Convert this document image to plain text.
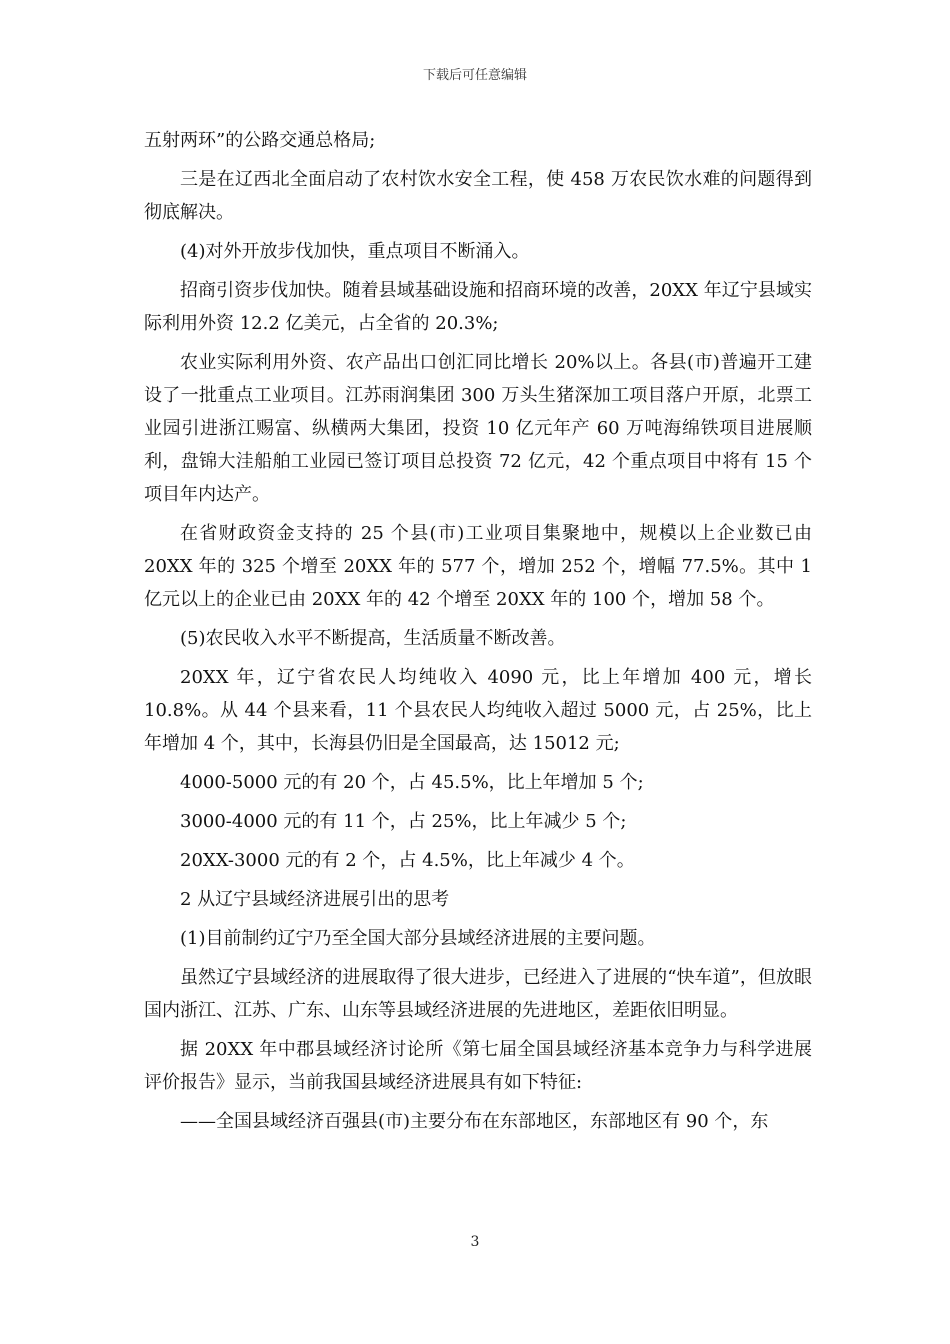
下载后可任意编辑

五射两环”的公路交通总格局;

三是在辽西北全面启动了农村饮水安全工程，使 458 万农民饮水难的问题得到彻底解决。

(4)对外开放步伐加快，重点项目不断涌入。

招商引资步伐加快。随着县域基础设施和招商环境的改善，20XX 年辽宁县域实际利用外资 12.2 亿美元，占全省的 20.3%;

农业实际利用外资、农产品出口创汇同比增长 20%以上。各县(市)普遍开工建设了一批重点工业项目。江苏雨润集团 300 万头生猪深加工项目落户开原，北票工业园引进浙江赐富、纵横两大集团，投资 10 亿元年产 60 万吨海绵铁项目进展顺利，盘锦大洼船舶工业园已签订项目总投资 72 亿元，42 个重点项目中将有 15 个项目年内达产。

在省财政资金支持的 25 个县(市)工业项目集聚地中，规模以上企业数已由 20XX 年的 325 个增至 20XX 年的 577 个，增加 252 个，增幅 77.5%。其中 1 亿元以上的企业已由 20XX 年的 42 个增至 20XX 年的 100 个，增加 58 个。

(5)农民收入水平不断提高，生活质量不断改善。

20XX 年，辽宁省农民人均纯收入 4090 元，比上年增加 400 元，增长 10.8%。从 44 个县来看，11 个县农民人均纯收入超过 5000 元，占 25%，比上年增加 4 个，其中，长海县仍旧是全国最高，达 15012 元;

4000-5000 元的有 20 个，占 45.5%，比上年增加 5 个;

3000-4000 元的有 11 个，占 25%，比上年减少 5 个;

20XX-3000 元的有 2 个，占 4.5%，比上年减少 4 个。

2 从辽宁县域经济进展引出的思考

(1)目前制约辽宁乃至全国大部分县域经济进展的主要问题。

虽然辽宁县域经济的进展取得了很大进步，已经进入了进展的“快车道”，但放眼国内浙江、江苏、广东、山东等县域经济进展的先进地区，差距依旧明显。

据 20XX 年中郡县域经济讨论所《第七届全国县域经济基本竞争力与科学进展评价报告》显示，当前我国县域经济进展具有如下特征:

——全国县域经济百强县(市)主要分布在东部地区，东部地区有 90 个，东

3
